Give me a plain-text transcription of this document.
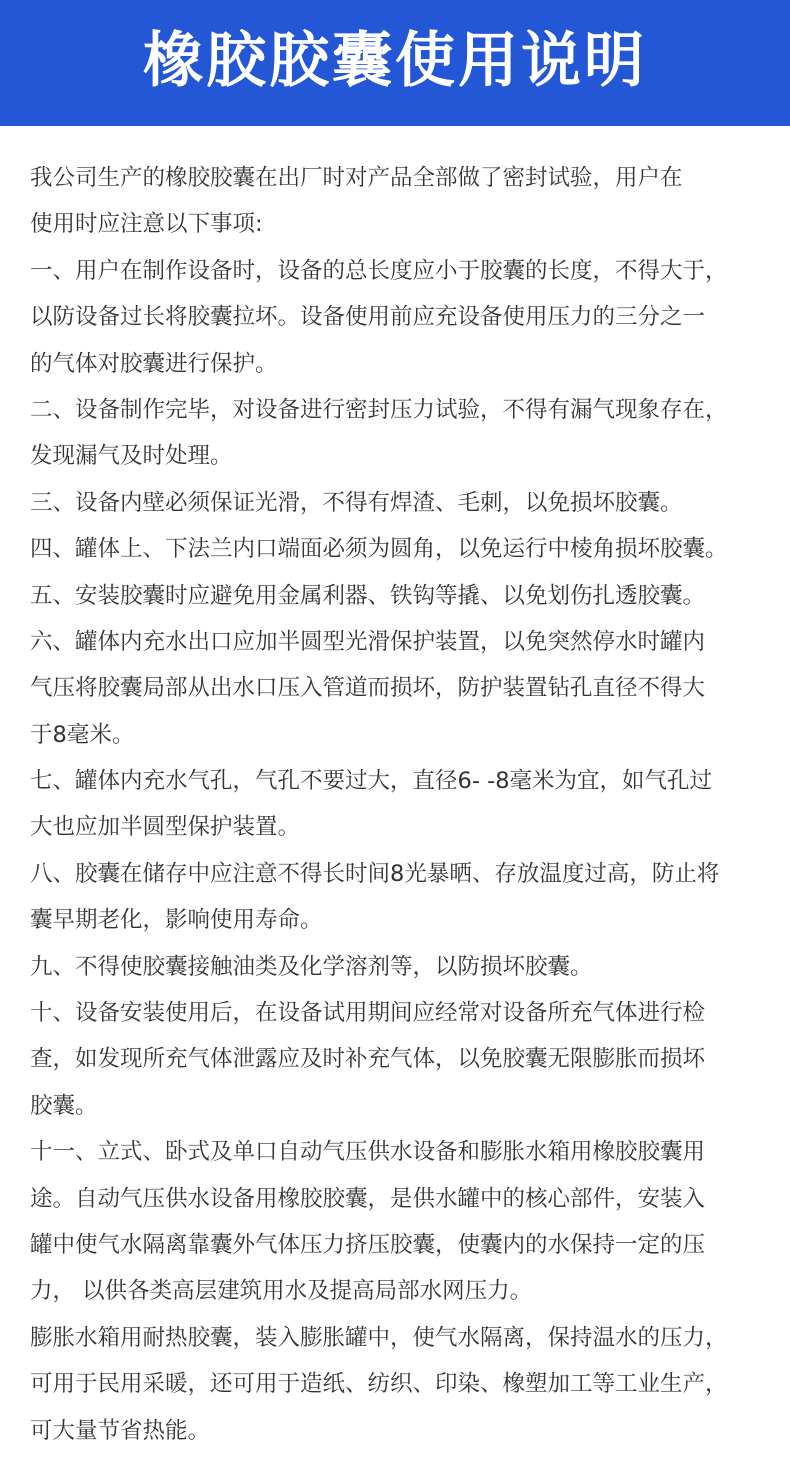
橡胶胶囊使用说明
我公司生产的橡胶胶囊在出厂时对产品全部做了密封试验，用户在
使用时应注意以下事项:
一、用户在制作设备时，设备的总长度应小于胶囊的长度，不得大于，
以防设备过长将胶囊拉坏。设备使用前应充设备使用压力的三分之一
的气体对胶囊进行保护。
二、设备制作完毕，对设备进行密封压力试验，不得有漏气现象存在，
发现漏气及时处理。
三、设备内壁必须保证光滑，不得有焊渣、毛刺，以免损坏胶囊。
四、罐体上、下法兰内口端面必须为圆角，以免运行中棱角损坏胶囊。
五、安装胶囊时应避免用金属利器、铁钩等撬、以免划伤扎透胶囊。
六、罐体内充水出口应加半圆型光滑保护装置，以免突然停水时罐内
气压将胶囊局部从出水口压入管道而损坏，防护装置钻孔直径不得大
于8毫米。
七、罐体内充水气孔，气孔不要过大，直径6- -8毫米为宜，如气孔过
大也应加半圆型保护装置。
八、胶囊在储存中应注意不得长时间8光暴晒、存放温度过高，防止将
囊早期老化，影响使用寿命。
九、不得使胶囊接触油类及化学溶剂等，以防损坏胶囊。
十、设备安装使用后，在设备试用期间应经常对设备所充气体进行检
查，如发现所充气体泄露应及时补充气体，以免胶囊无限膨胀而损坏
胶囊。
十一、立式、卧式及单口自动气压供水设备和膨胀水箱用橡胶胶囊用
途。自动气压供水设备用橡胶胶囊，是供水罐中的核心部件，安装入
罐中使气水隔离靠囊外气体压力挤压胶囊，使囊内的水保持一定的压
力， 以供各类高层建筑用水及提高局部水网压力。
膨胀水箱用耐热胶囊，装入膨胀罐中，使气水隔离，保持温水的压力，
可用于民用采暖，还可用于造纸、纺织、印染、橡塑加工等工业生产，
可大量节省热能。
